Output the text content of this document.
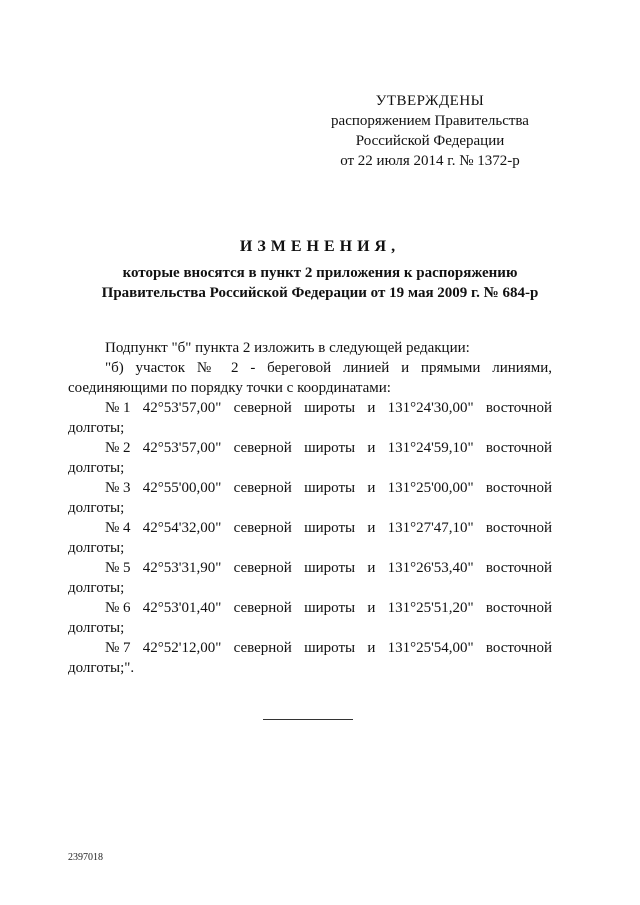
УТВЕРЖДЕНЫ
распоряжением Правительства
Российской Федерации
от 22 июля 2014 г. № 1372-р
ИЗМЕНЕНИЯ,
которые вносятся в пункт 2 приложения к распоряжению
Правительства Российской Федерации от 19 мая 2009 г. № 684-р

Подпункт "б" пункта 2 изложить в следующей редакции:

"б) участок № 2 - береговой линией и прямыми линиями,

соединяющими по порядку точки с координатами:

№ 1 42°53'57,00" северной широты и 131°24'30,00" восточной
долготы;
№ 2 42°53'57,00" северной широты и 131°24'59,10" восточной
долготы;
№ 3 42°55'00,00" северной широты и 131°25'00,00" восточной
долготы;
№ 4 42°54'32,00" северной широты и 131°27'47,10" восточной
долготы;
№ 5 42°53'31,90" северной широты и 131°26'53,40" восточной
долготы;
№ 6 42°53'01,40" северной широты и 131°25'51,20" восточной
долготы;
№ 7 42°52'12,00" северной широты и 131°25'54,00" восточной
долготы;".
2397018
